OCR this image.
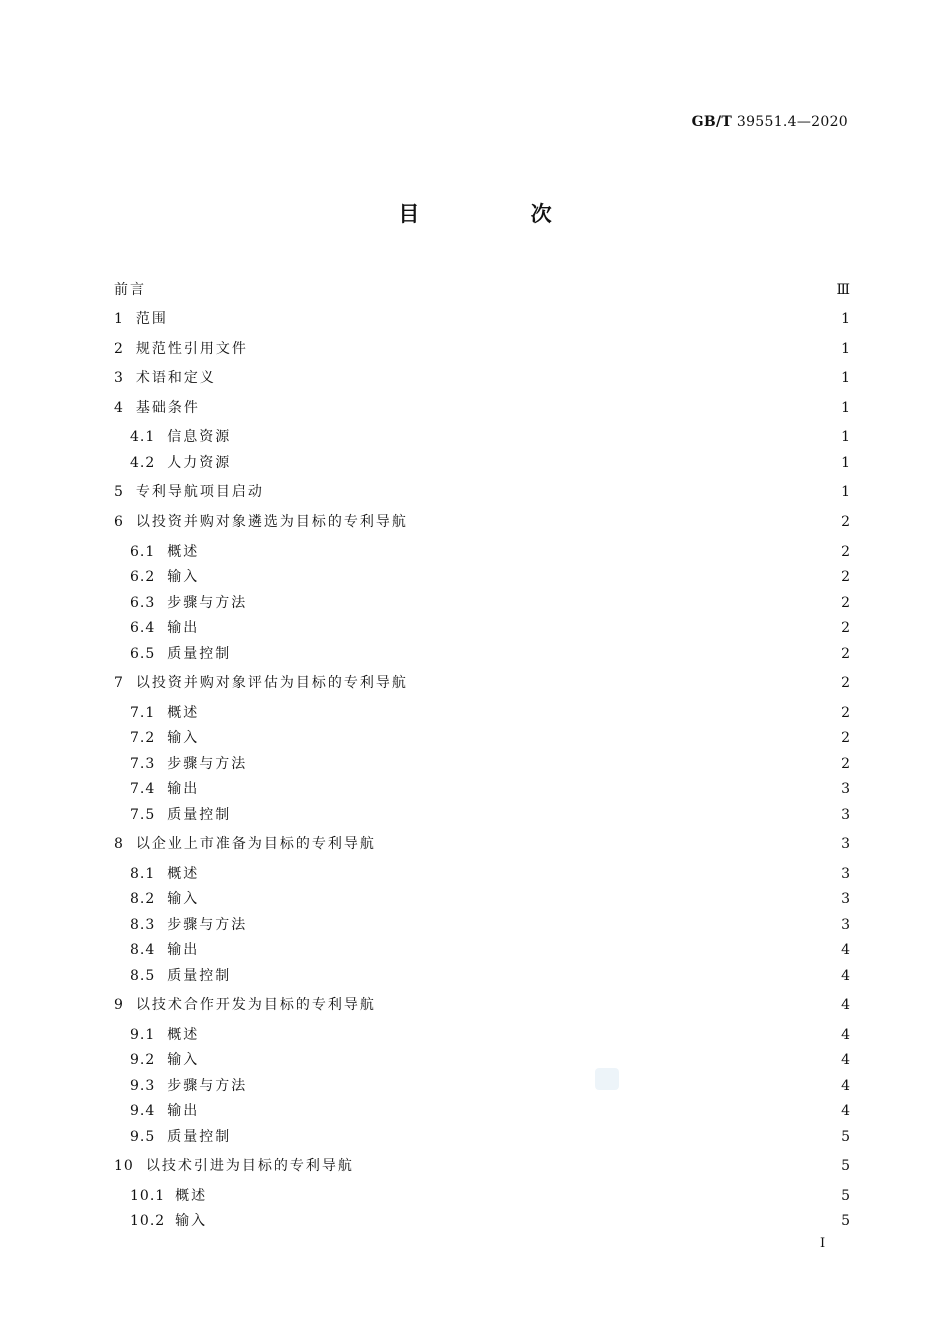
GB/T 39551.4—2020
目 次
前言	Ⅲ
1 范围	1
2 规范性引用文件	1
3 术语和定义	1
4 基础条件	1
4.1 信息资源	1
4.2 人力资源	1
5 专利导航项目启动	1
6 以投资并购对象遴选为目标的专利导航	2
6.1 概述	2
6.2 输入	2
6.3 步骤与方法	2
6.4 输出	2
6.5 质量控制	2
7 以投资并购对象评估为目标的专利导航	2
7.1 概述	2
7.2 输入	2
7.3 步骤与方法	2
7.4 输出	3
7.5 质量控制	3
8 以企业上市准备为目标的专利导航	3
8.1 概述	3
8.2 输入	3
8.3 步骤与方法	3
8.4 输出	4
8.5 质量控制	4
9 以技术合作开发为目标的专利导航	4
9.1 概述	4
9.2 输入	4
9.3 步骤与方法	4
9.4 输出	4
9.5 质量控制	5
10 以技术引进为目标的专利导航	5
10.1 概述	5
10.2 输入	5
I
